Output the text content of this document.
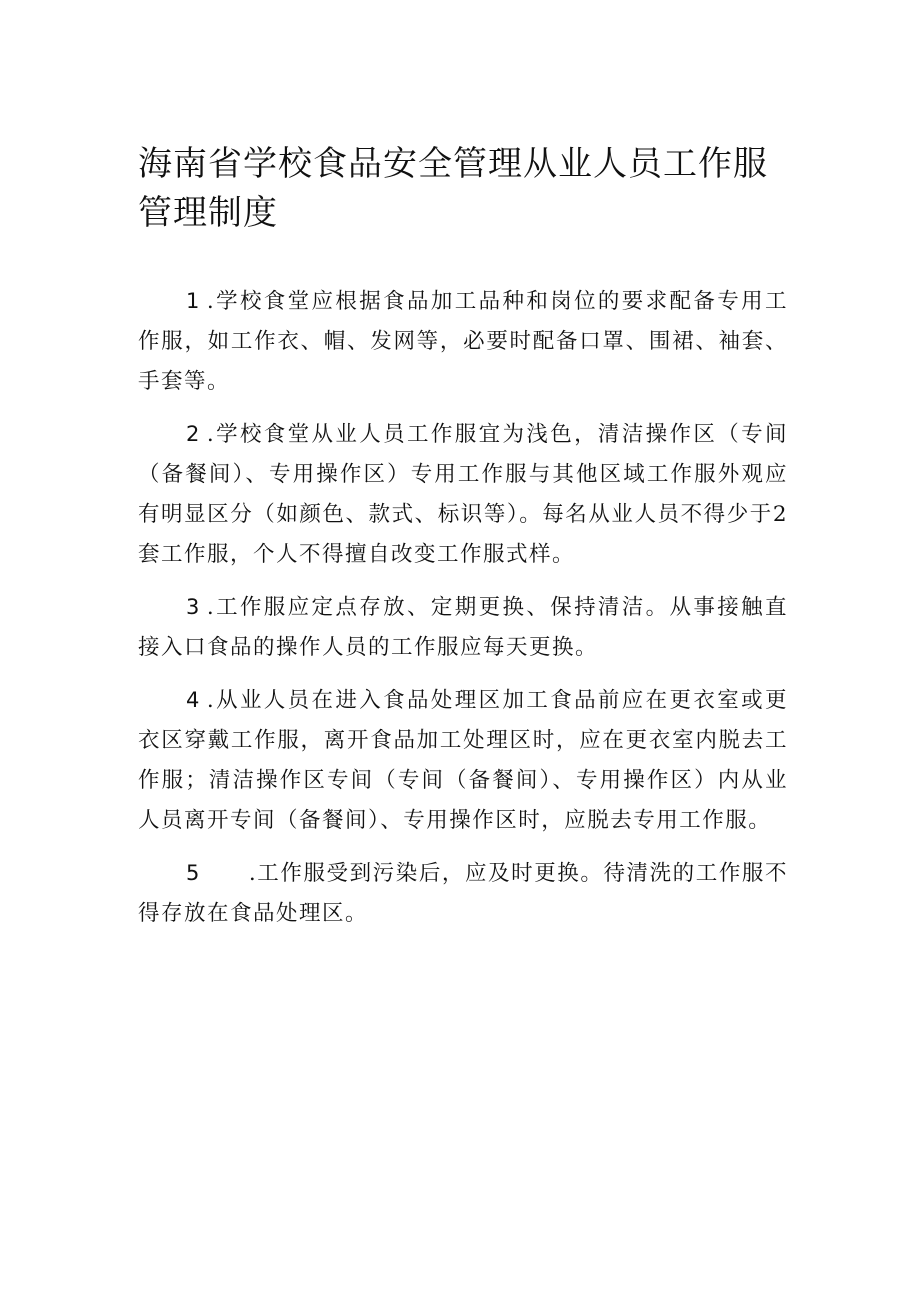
海南省学校食品安全管理从业人员工作服管理制度

1 .学校食堂应根据食品加工品种和岗位的要求配备专用工作服，如工作衣、帽、发网等，必要时配备口罩、围裙、袖套、手套等。

2 .学校食堂从业人员工作服宜为浅色，清洁操作区（专间（备餐间）、专用操作区）专用工作服与其他区域工作服外观应有明显区分（如颜色、款式、标识等）。每名从业人员不得少于2套工作服，个人不得擅自改变工作服式样。

3 .工作服应定点存放、定期更换、保持清洁。从事接触直接入口食品的操作人员的工作服应每天更换。

4 .从业人员在进入食品处理区加工食品前应在更衣室或更衣区穿戴工作服，离开食品加工处理区时，应在更衣室内脱去工作服；清洁操作区专间（专间（备餐间）、专用操作区）内从业人员离开专间（备餐间）、专用操作区时，应脱去专用工作服。

5 .工作服受到污染后，应及时更换。待清洗的工作服不得存放在食品处理区。
